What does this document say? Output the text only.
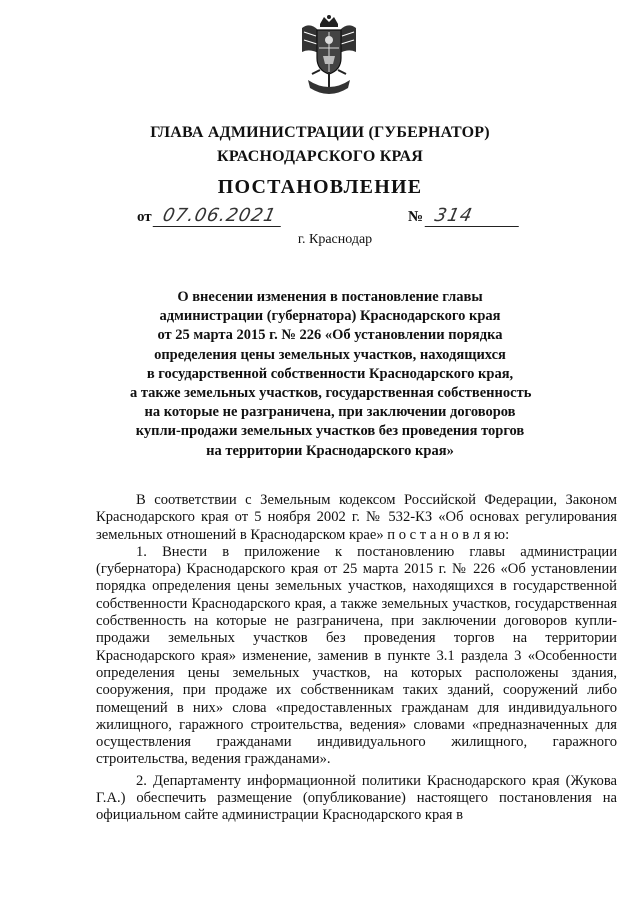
ГЛАВА АДМИНИСТРАЦИИ (ГУБЕРНАТОР)
КРАСНОДАРСКОГО КРАЯ
ПОСТАНОВЛЕНИЕ
от 07.06.2021	№ 314
г. Краснодар
О внесении изменения в постановление главы
администрации (губернатора) Краснодарского края
от 25 марта 2015 г. № 226 «Об установлении порядка
определения цены земельных участков, находящихся
в государственной собственности Краснодарского края,
а также земельных участков, государственная собственность
на которые не разграничена, при заключении договоров
купли-продажи земельных участков без проведения торгов
на территории Краснодарского края»

В соответствии с Земельным кодексом Российской Федерации, Законом Краснодарского края от 5 ноября 2002 г. № 532-КЗ «Об основах регулирования земельных отношений в Краснодарском крае» п о с т а н о в л я ю:

1. Внести в приложение к постановлению главы администрации (губернатора) Краснодарского края от 25 марта 2015 г. № 226 «Об установлении порядка определения цены земельных участков, находящихся в государственной собственности Краснодарского края, а также земельных участков, государственная собственность на которые не разграничена, при заключении договоров купли-продажи земельных участков без проведения торгов на территории Краснодарского края» изменение, заменив в пункте 3.1 раздела 3 «Особенности определения цены земельных участков, на которых расположены здания, сооружения, при продаже их собственникам таких зданий, сооружений либо помещений в них» слова «предоставленных гражданам для индивидуального жилищного, гаражного строительства, ведения» словами «предназначенных для осуществления гражданами индивидуального жилищного, гаражного строительства, ведения гражданами».

2. Департаменту информационной политики Краснодарского края (Жукова Г.А.) обеспечить размещение (опубликование) настоящего постановления на официальном сайте администрации Краснодарского края в
